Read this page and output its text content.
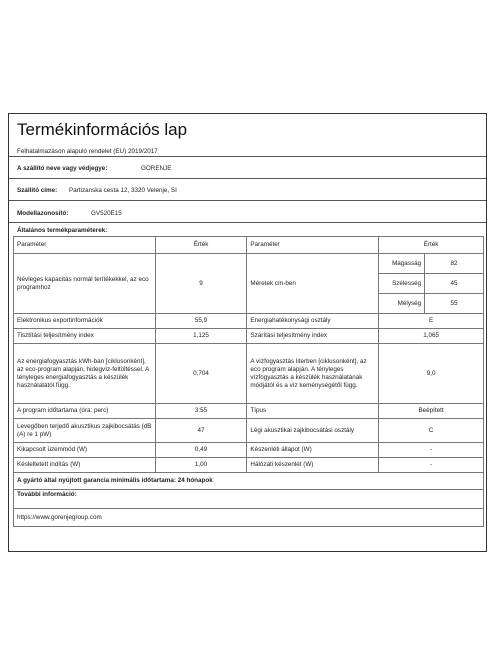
Termékinformációs lap
Felhatalmazáson alapuló rendelet (EU) 2019/2017
A szállító neve vagy védjegye:	GORENJE
Szállító címe: Partizanska cesta 12, 3320 Velenje, SI
Modellazonosító:	GV520E15
Általános termékparaméterek:
Paraméter	Érték	Paraméter	Érték	
Névleges kapacitás normál terítékekkel, az eco programhoz	9	Méretek cm-ben	Magasság	82
			Szélesség	45
			Mélység	55
Elektronikus exportinformációk	55,9	Energiahatékonysági osztály	E	
Tisztítási teljesítmény index	1,125	Szárítási teljesítmény index	1,065	
Az energiafogyasztás kWh-ban [ciklusonként], az eco-program alapján, hidegvíz-feltöltéssel. A tényleges energiafogyasztás a készülék használatától függ.	0,704	A vízfogyasztás literben [ciklusonként], az eco program alapján. A tényleges vízfogyasztás a készülék használatának módjától és a víz keménységétől függ.	9,0	
A program időtartama (óra: perc)	3:55	Típus	Beépített	
Levegőben terjedő akusztikus zajkibocsátás (dB (A) re 1 pW)	47	Légi akusztikai zajkibocsátási osztály	C	
Kikapcsolt üzemmód (W)	0,49	Készenléti állapot (W)	-	
Késleltetett indítás (W)	1,00	Hálózati készenlét (W)	-	
A gyártó által nyújtott garancia minimális időtartama: 24 hónapok				
További információ:				
https://www.gorenjegroup.com				
